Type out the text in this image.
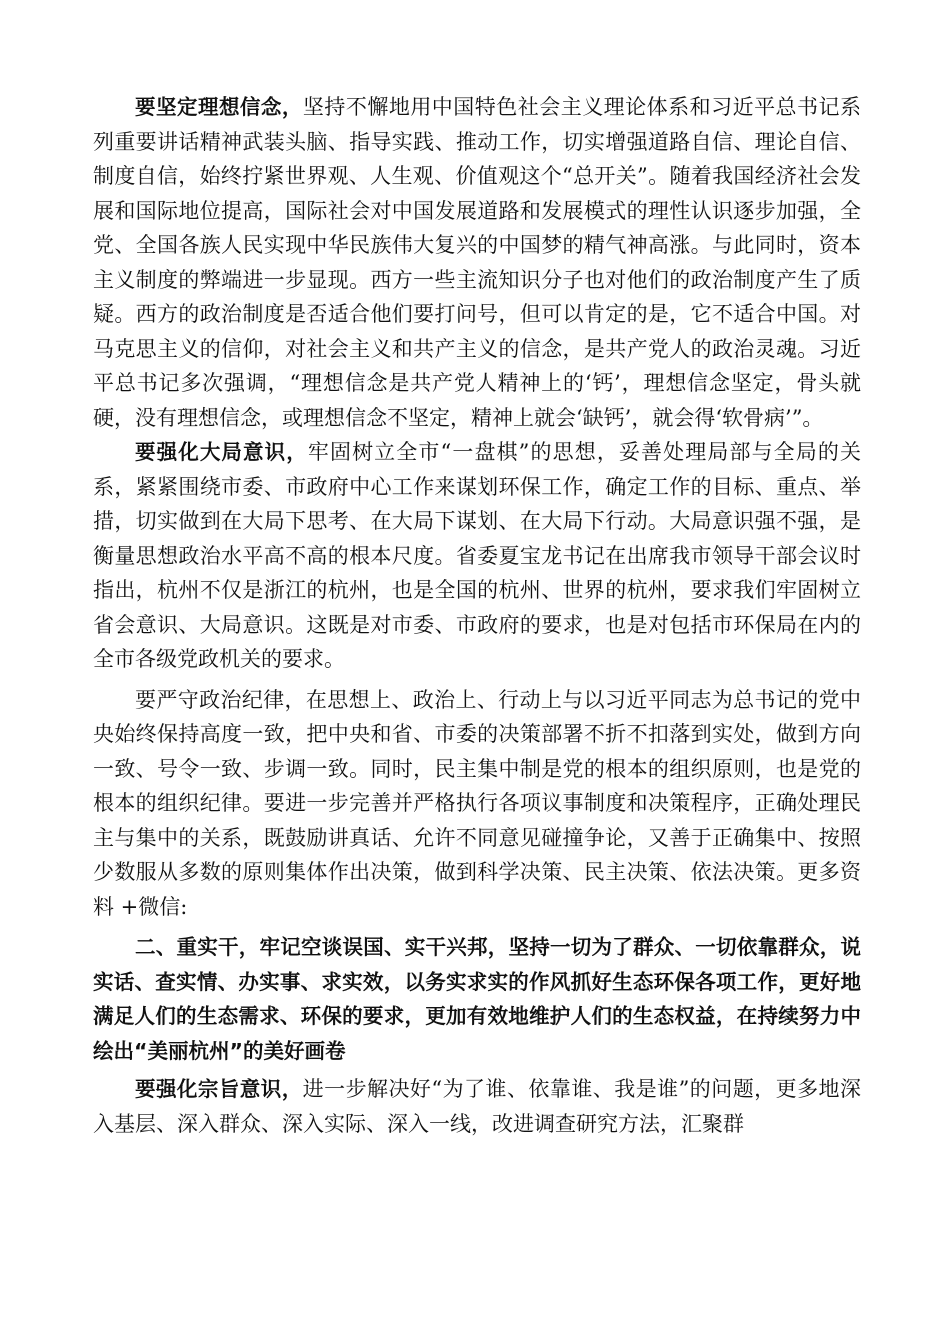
要坚定理想信念，坚持不懈地用中国特色社会主义理论体系和习近平总书记系列重要讲话精神武装头脑、指导实践、推动工作，切实增强道路自信、理论自信、制度自信，始终拧紧世界观、人生观、价值观这个“总开关”。随着我国经济社会发展和国际地位提高，国际社会对中国发展道路和发展模式的理性认识逐步加强，全党、全国各族人民实现中华民族伟大复兴的中国梦的精气神高涨。与此同时，资本主义制度的弊端进一步显现。西方一些主流知识分子也对他们的政治制度产生了质疑。西方的政治制度是否适合他们要打问号，但可以肯定的是，它不适合中国。对马克思主义的信仰，对社会主义和共产主义的信念，是共产党人的政治灵魂。习近平总书记多次强调，“理想信念是共产党人精神上的‘钙’，理想信念坚定，骨头就硬，没有理想信念，或理想信念不坚定，精神上就会‘缺钙’，就会得‘软骨病’”。

要强化大局意识，牢固树立全市“一盘棋”的思想，妥善处理局部与全局的关系，紧紧围绕市委、市政府中心工作来谋划环保工作，确定工作的目标、重点、举措，切实做到在大局下思考、在大局下谋划、在大局下行动。大局意识强不强，是衡量思想政治水平高不高的根本尺度。省委夏宝龙书记在出席我市领导干部会议时指出，杭州不仅是浙江的杭州，也是全国的杭州、世界的杭州，要求我们牢固树立省会意识、大局意识。这既是对市委、市政府的要求，也是对包括市环保局在内的全市各级党政机关的要求。

要严守政治纪律，在思想上、政治上、行动上与以习近平同志为总书记的党中央始终保持高度一致，把中央和省、市委的决策部署不折不扣落到实处，做到方向一致、号令一致、步调一致。同时，民主集中制是党的根本的组织原则，也是党的根本的组织纪律。要进一步完善并严格执行各项议事制度和决策程序，正确处理民主与集中的关系，既鼓励讲真话、允许不同意见碰撞争论，又善于正确集中、按照少数服从多数的原则集体作出决策，做到科学决策、民主决策、依法决策。更多资料 +微信:

二、重实干，牢记空谈误国、实干兴邦，坚持一切为了群众、一切依靠群众，说实话、查实情、办实事、求实效，以务实求实的作风抓好生态环保各项工作，更好地满足人们的生态需求、环保的要求，更加有效地维护人们的生态权益，在持续努力中绘出“美丽杭州”的美好画卷

要强化宗旨意识，进一步解决好“为了谁、依靠谁、我是谁”的问题，更多地深入基层、深入群众、深入实际、深入一线，改进调查研究方法，汇聚群
